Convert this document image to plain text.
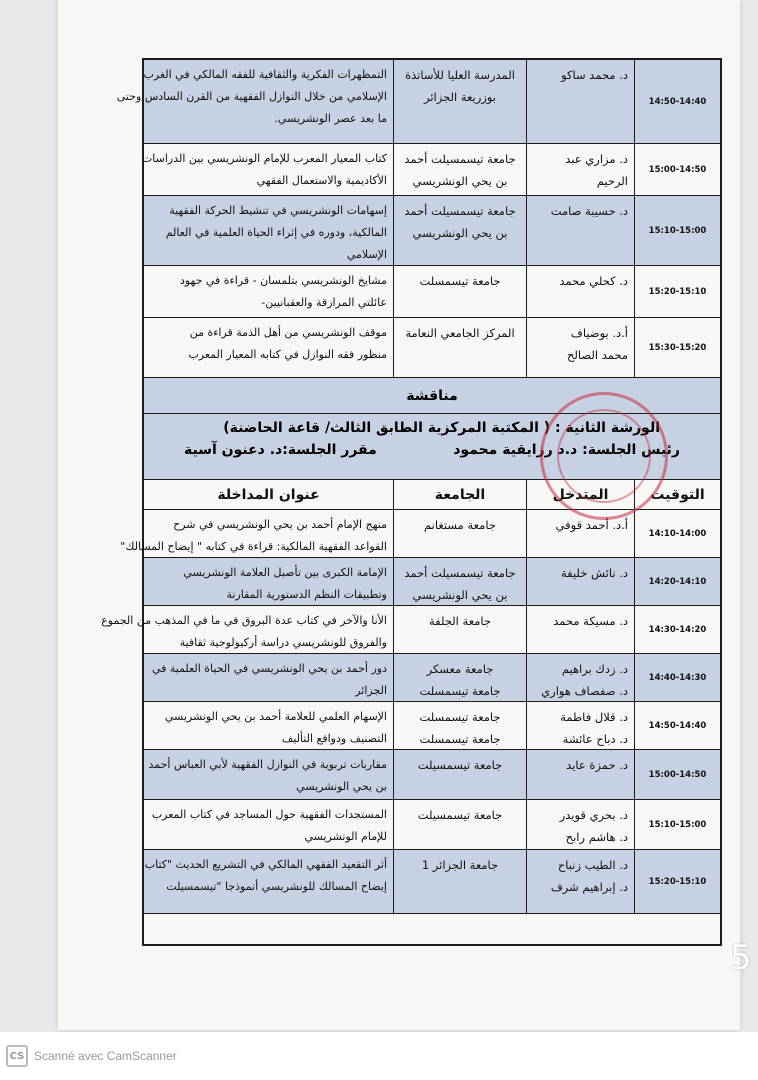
14:50-14:40
د. محمد ساكو
المدرسة العليا للأساتذة
بوزريعة الجزائر
التمظهرات الفكرية والثقافية للفقه المالكي في الغرب
الإسلامي من خلال النوازل الفقهية من القرن السادس وحتى
ما بعد عصر الونشريسي.
15:00-14:50
د. مزاري عبد
الرحيم
جامعة تيسمسيلت أحمد
بن يحي الونشريسي
كتاب المعيار المعرب للإمام الونشريسي بين الدراسات
الأكاديمية والاستعمال الفقهي
15:10-15:00
د. حسيبة صامت
جامعة تيسمسيلت أحمد
بن يحي الونشريسي
إسهامات الونشريسي في تنشيط الحركة الفقهية
المالكية، ودوره في إثراء الحياة العلمية في العالم
الإسلامي
15:20-15:10
د. كحلي محمد
جامعة تيسمسلت
مشايخ الونشريسي بتلمسان - قراءة في جهود
عائلتي المرازقة والعقبانيين-
15:30-15:20
أ.د. بوضياف
محمد الصالح
المركز الجامعي النعامة
موقف الونشريسي من أهل الذمة قراءة من
منظور فقه النوازل في كتابه المعيار المعرب
مناقشة
الورشة الثانية : ( المكتبة المركزية الطابق الثالث/ قاعة الحاضنة)
رئيس الجلسة: د.د رزايقية محمود
مقرر الجلسة:د. دعنون آسية
التوقيت
المتدخل
الجامعة
عنوان المداخلة
14:10-14:00
أ.د. أحمد قوفي
جامعة مستغانم
منهج الإمام أحمد بن يحي الونشريسي في شرح
القواعد الفقهية المالكية: قراءة في كتابه " إيضاح المسالك"
14:20-14:10
د. نائش خليفة
جامعة تيسمسيلت أحمد
بن يحي الونشريسي
الإمامة الكبرى بين تأصيل العلامة الونشريسي
وتطبيقات النظم الدستورية المقارنة
14:30-14:20
د. مسيكة محمد
جامعة الجلفة
الأنا والآخر في كتاب عدة البروق في ما في المذهب من الجموع
والفروق للونشريسي دراسة أركيولوجية ثقافية
14:40-14:30
د. زدك براهيم
د. صفصاف هواري
جامعة معسكر
جامعة تيسمسلت
دور أحمد بن يحي الونشريسي في الحياة العلمية في
الجزائر
14:50-14:40
د. قلال فاطمة
د. دباح عائشة
جامعة تيسمسلت
جامعة تيسمسلت
الإسهام العلمي للعلامة أحمد بن يحي الونشريسي
التصنيف ودوافع التأليف
15:00-14:50
د. حمزة عايد
جامعة تيسمسيلت
مقاربات تربوية في النوازل الفقهية لأبي العباس أحمد
بن يحي الونشريسي
15:10-15:00
د. بحري قويدر
د. هاشم رابح
جامعة تيسمسيلت
المستجدات الفقهية حول المساجد في كتاب المعرب
للإمام الونشريسي
15:20-15:10
د. الطيب زنباح
د. إبراهيم شرف
جامعة الجزائر 1
أثر التقعيد الفقهي المالكي في التشريع الحديث "كتاب
إيضاح المسالك للونشريسي أنموذجا "تيسمسيلت
5
CS Scanné avec CamScanner
